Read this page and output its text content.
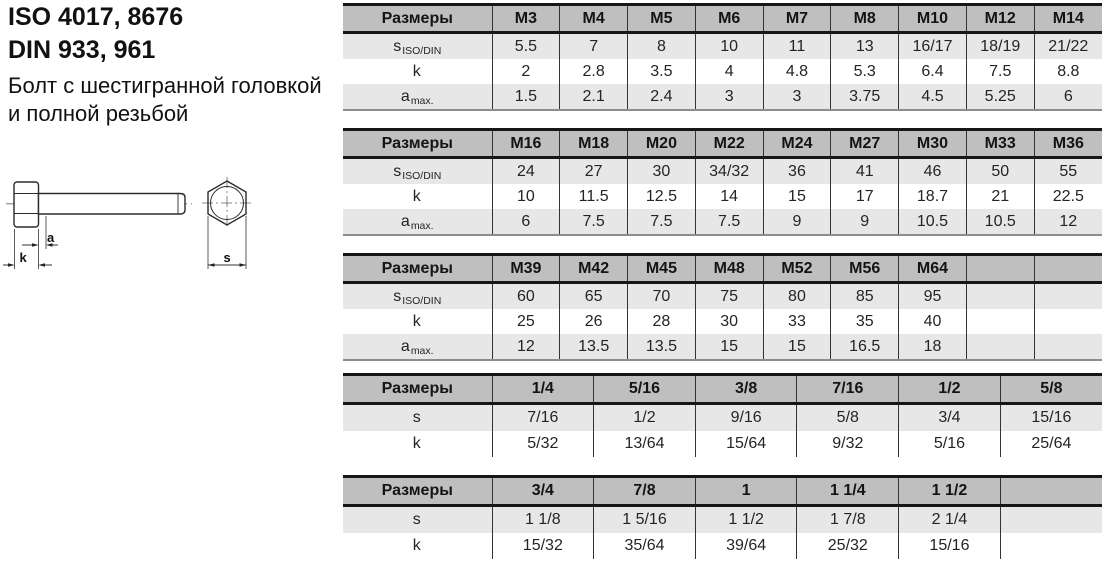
ISO 4017, 8676
DIN 933, 961

Болт с шестигранной головкой

и полной резьбой

a
k	s
Размеры	M3	M4	M5	M6	M7	M8	M10	M12	M14
sISO/DIN	5.5	7	8	10	11	13	16/17	18/19	21/22
k	2	2.8	3.5	4	4.8	5.3	6.4	7.5	8.8
amax.	1.5	2.1	2.4	3	3	3.75	4.5	5.25	6
Размеры	M16	M18	M20	M22	M24	M27	M30	M33	M36
sISO/DIN	24	27	30	34/32	36	41	46	50	55
k	10	11.5	12.5	14	15	17	18.7	21	22.5
amax.	6	7.5	7.5	7.5	9	9	10.5	10.5	12
Размеры	M39	M42	M45	M48	M52	M56	M64		
sISO/DIN	60	65	70	75	80	85	95		
k	25	26	28	30	33	35	40		
amax.	12	13.5	13.5	15	15	16.5	18		
Размеры	1/4	5/16	3/8	7/16	1/2	5/8
s	7/16	1/2	9/16	5/8	3/4	15/16
k	5/32	13/64	15/64	9/32	5/16	25/64
Размеры	3/4	7/8	1	1 1/4	1 1/2	
s	1 1/8	1 5/16	1 1/2	1 7/8	2 1/4	
k	15/32	35/64	39/64	25/32	15/16	
